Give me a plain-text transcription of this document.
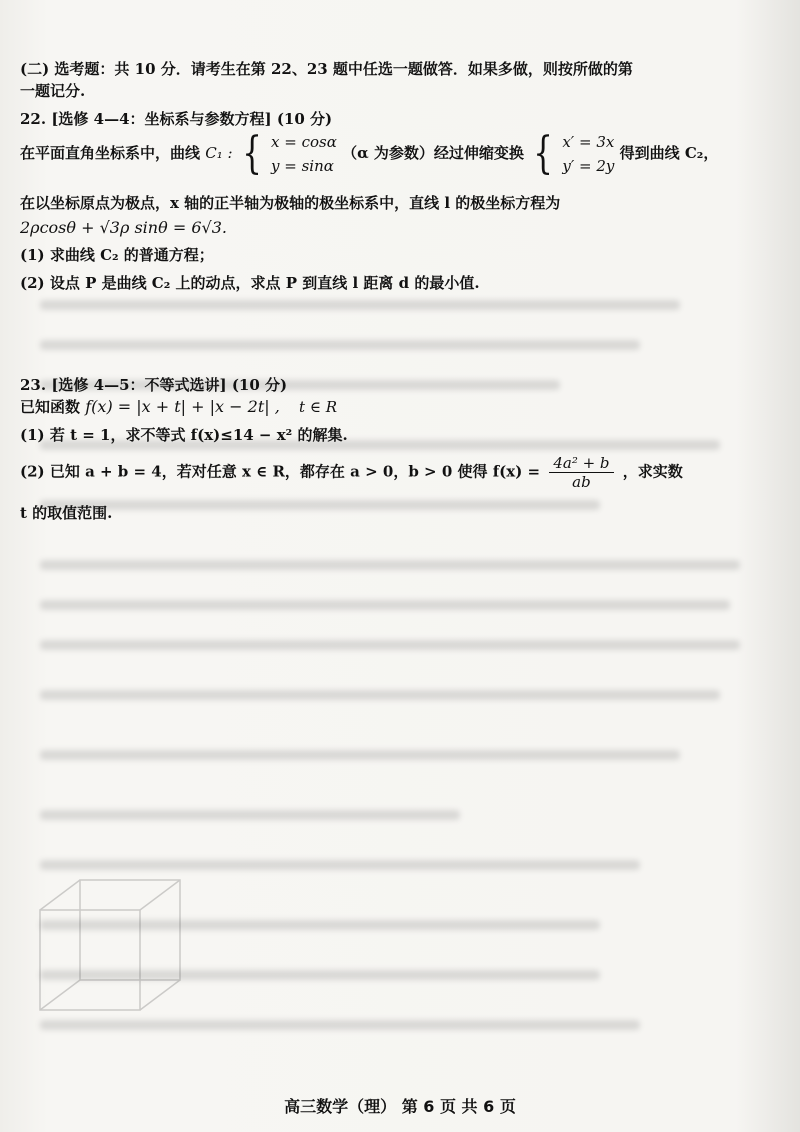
(二) 选考题：共 10 分．请考生在第 22、23 题中任选一题做答．如果多做，则按所做的第
一题记分.
22. [选修 4—4：坐标系与参数方程] (10 分)
在平面直角坐标系中，曲线 C₁ : { x = cosα
y = sinα
（α 为参数）经过伸缩变换 { x′ = 3x
y′ = 2y
得到曲线 C₂，
在以坐标原点为极点，x 轴的正半轴为极轴的极坐标系中，直线 l 的极坐标方程为
2ρcosθ + √3ρ sinθ = 6√3.
(1) 求曲线 C₂ 的普通方程；
(2) 设点 P 是曲线 C₂ 上的动点，求点 P 到直线 l 距离 d 的最小值.
23. [选修 4—5：不等式选讲] (10 分)
已知函数 f(x) = |x + t| + |x − 2t| , t ∈ R
(1) 若 t = 1，求不等式 f(x)≤14 − x² 的解集.
(2) 已知 a + b = 4，若对任意 x ∈ R，都存在 a > 0，b > 0 使得 $f(x) = \frac{\text{4a² + b}}{ab}$ ，求实数
t 的取值范围.
高三数学（理） 第 6 页 共 6 页
